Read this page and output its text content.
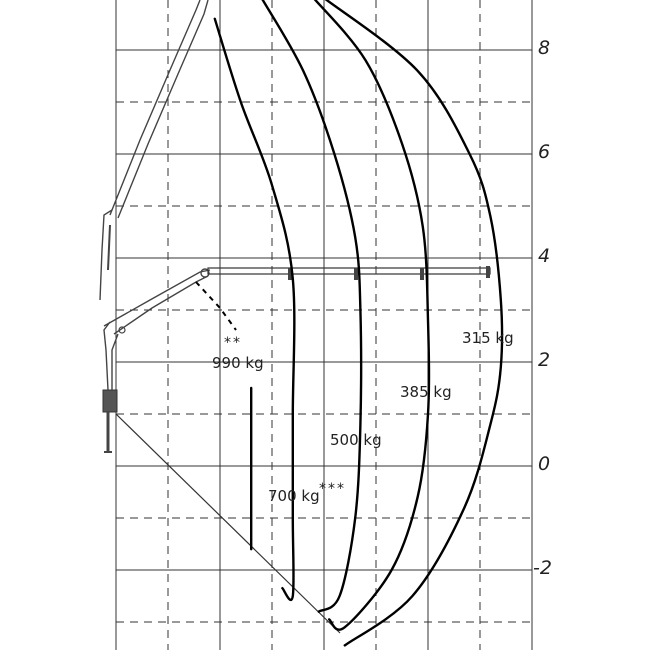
8
6
4
2
0
-2
**
990 kg
700 kg ***
500 kg
385 kg
315 kg
